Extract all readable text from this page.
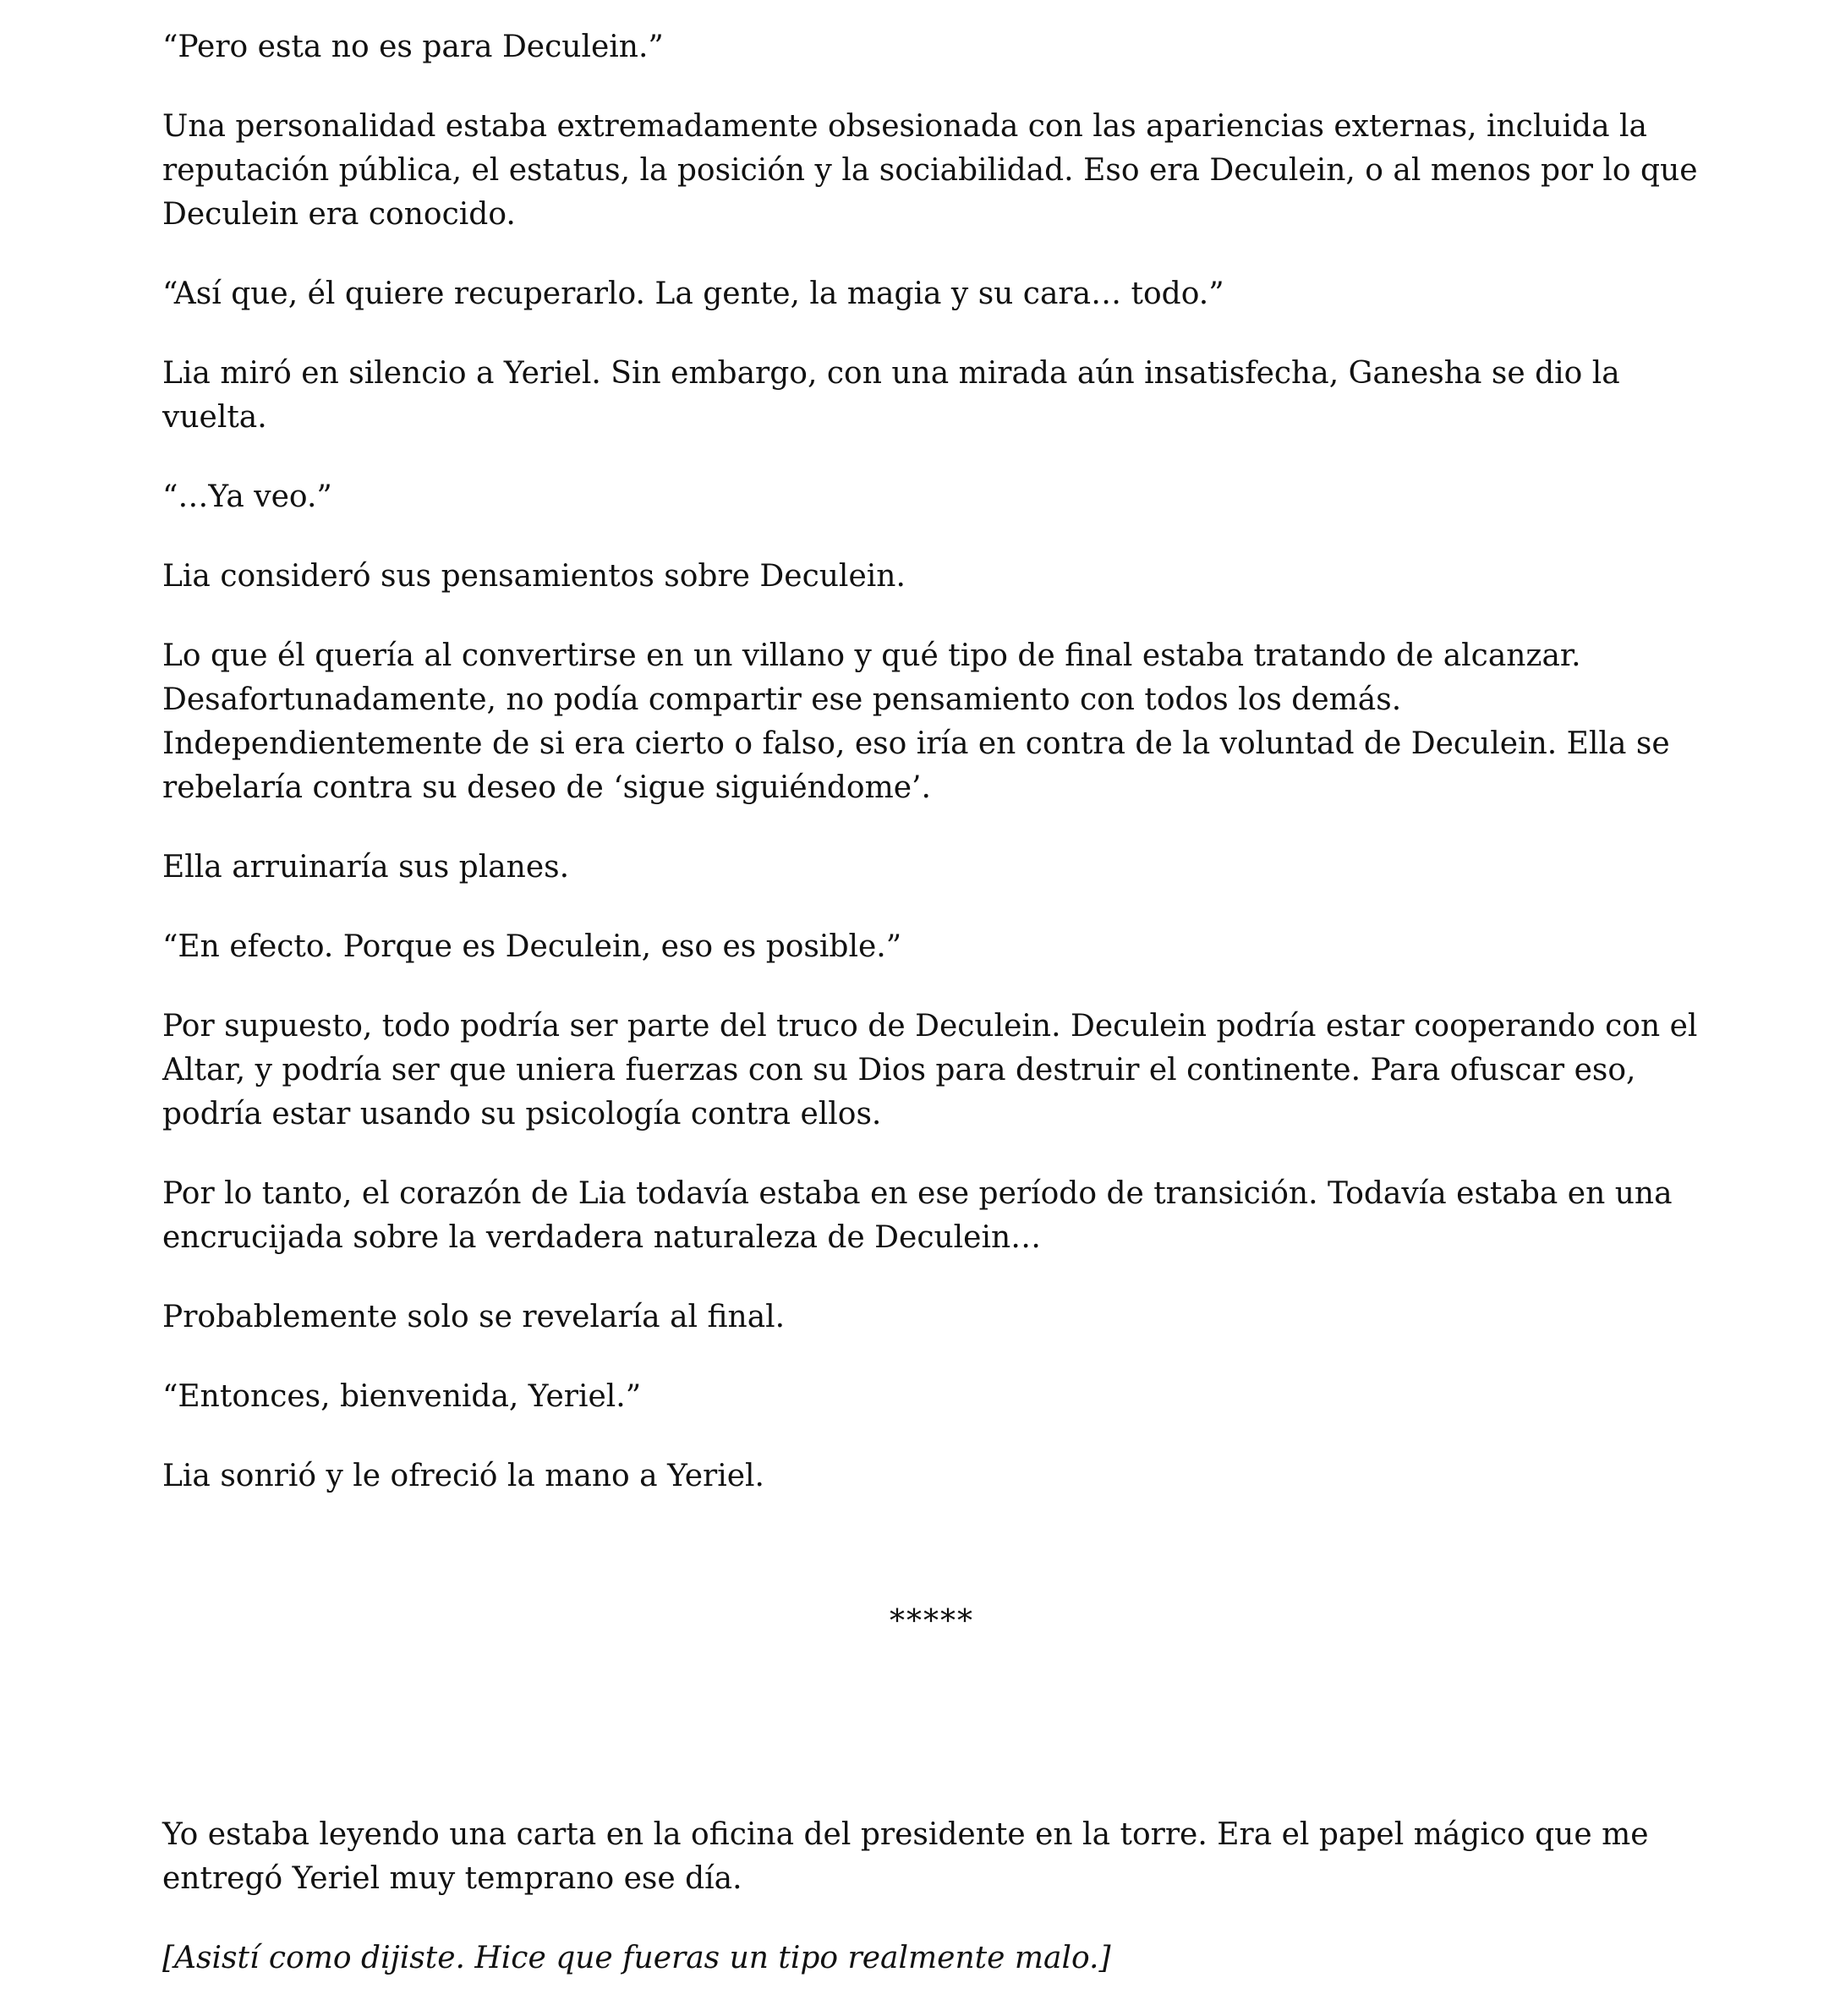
“Pero esta no es para Deculein.”

Una personalidad estaba extremadamente obsesionada con las apariencias externas, incluida la reputación pública, el estatus, la posición y la sociabilidad. Eso era Deculein, o al menos por lo que Deculein era conocido.

“Así que, él quiere recuperarlo. La gente, la magia y su cara… todo.”

Lia miró en silencio a Yeriel. Sin embargo, con una mirada aún insatisfecha, Ganesha se dio la vuelta.

“…Ya veo.”

Lia consideró sus pensamientos sobre Deculein.

Lo que él quería al convertirse en un villano y qué tipo de final estaba tratando de alcanzar. Desafortunadamente, no podía compartir ese pensamiento con todos los demás. Independientemente de si era cierto o falso, eso iría en contra de la voluntad de Deculein. Ella se rebelaría contra su deseo de ‘sigue siguiéndome’.

Ella arruinaría sus planes.

“En efecto. Porque es Deculein, eso es posible.”

Por supuesto, todo podría ser parte del truco de Deculein. Deculein podría estar cooperando con el Altar, y podría ser que uniera fuerzas con su Dios para destruir el continente. Para ofuscar eso, podría estar usando su psicología contra ellos.

Por lo tanto, el corazón de Lia todavía estaba en ese período de transición. Todavía estaba en una encrucijada sobre la verdadera naturaleza de Deculein…

Probablemente solo se revelaría al final.

“Entonces, bienvenida, Yeriel.”

Lia sonrió y le ofreció la mano a Yeriel.

*****

Yo estaba leyendo una carta en la oficina del presidente en la torre. Era el papel mágico que me entregó Yeriel muy temprano ese día.

[Asistí como dijiste. Hice que fueras un tipo realmente malo.]
